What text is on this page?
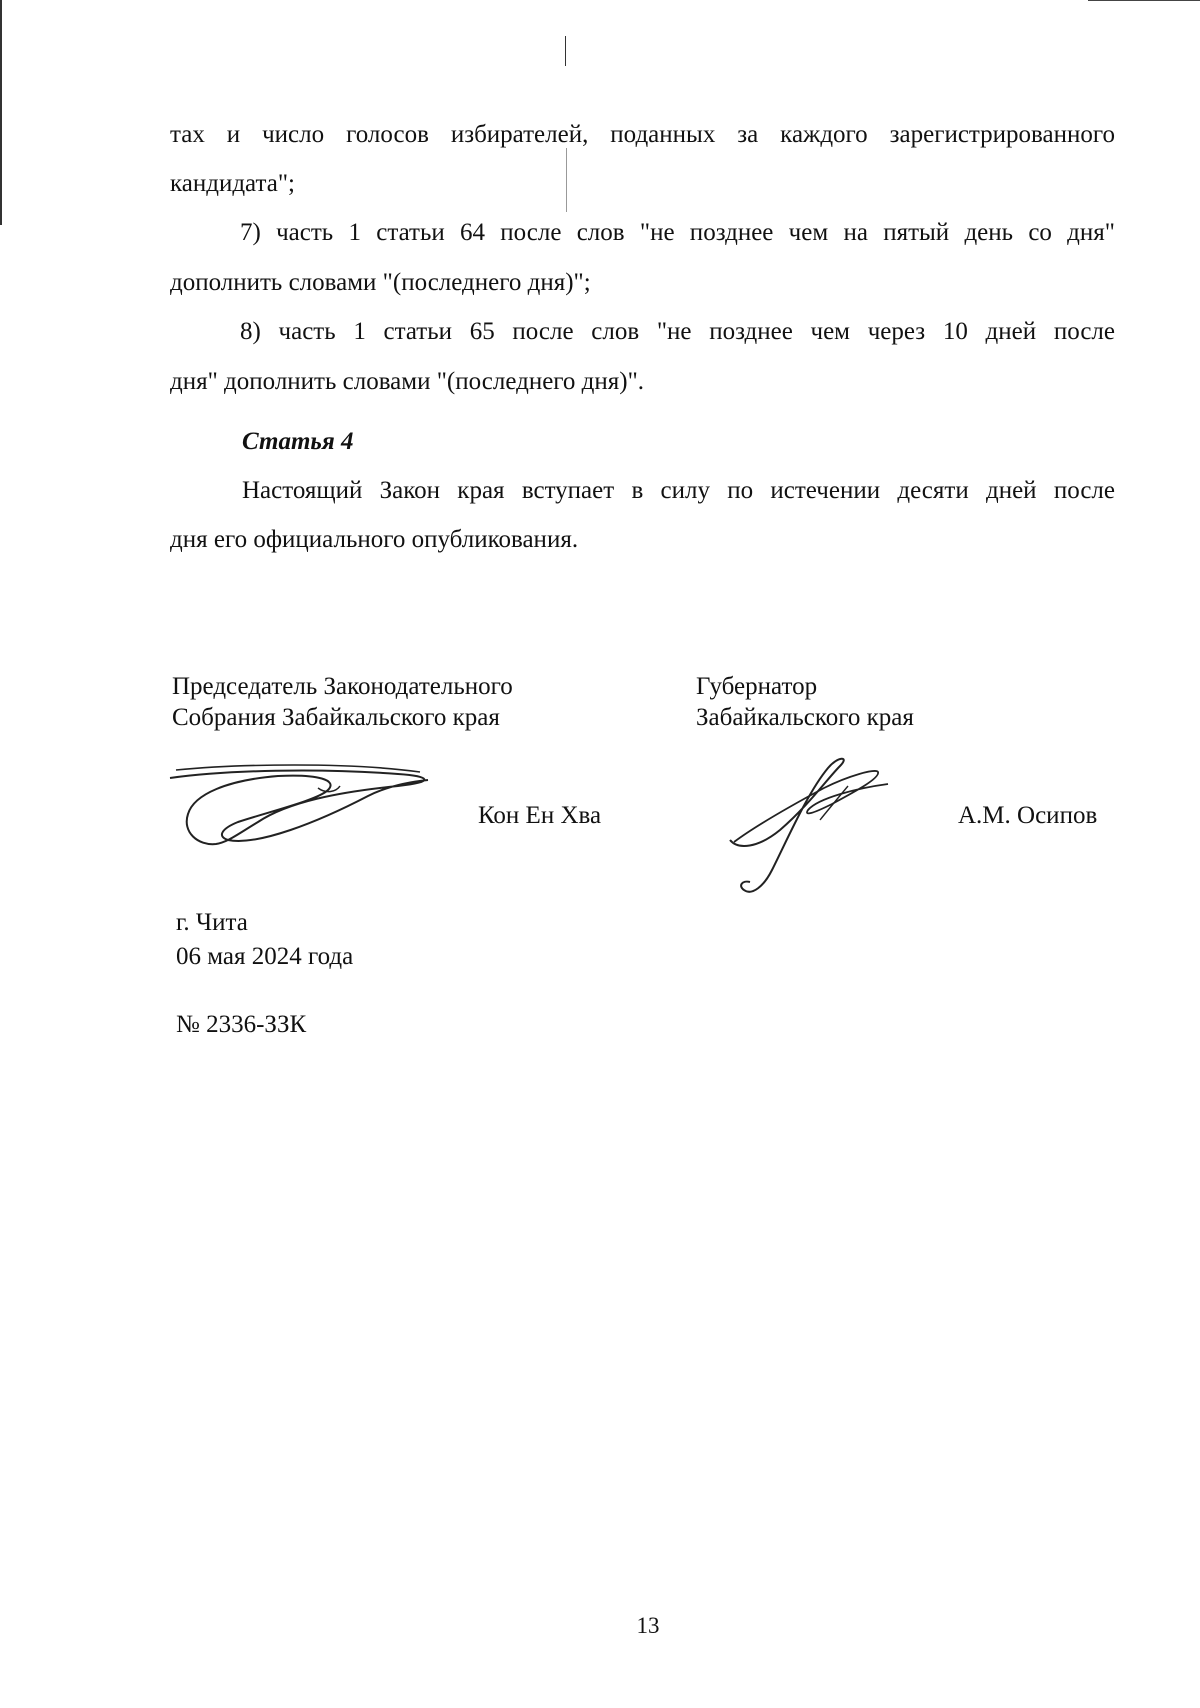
тах и число голосов избирателей, поданных за каждого зарегистрированного
кандидата";
7) часть 1 статьи 64 после слов "не позднее чем на пятый день со дня"
дополнить словами "(последнего дня)";
8) часть 1 статьи 65 после слов "не позднее чем через 10 дней после
дня" дополнить словами "(последнего дня)".
Статья 4
Настоящий Закон края вступает в силу по истечении десяти дней после
дня его официального опубликования.
Председатель Законодательного
Собрания Забайкальского края
Кон Ен Хва
Губернатор
Забайкальского края
А.М. Осипов
г. Чита
06 мая 2024 года
№ 2336-ЗЗК
13
